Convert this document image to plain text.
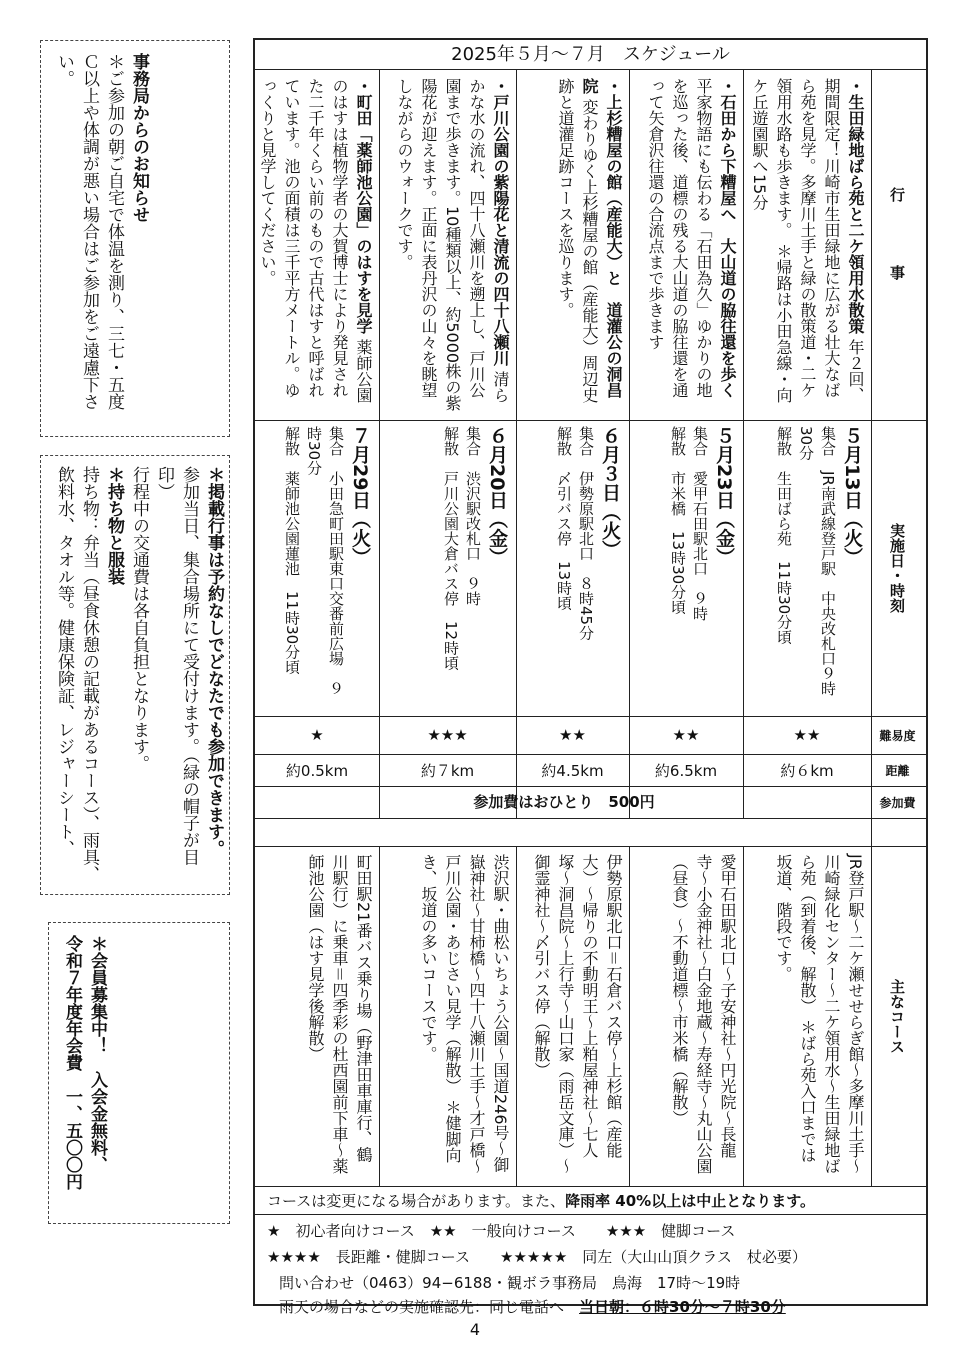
事務局からのお知らせ
＊ご参加の朝ご自宅で体温を測り、三七・五度Ｃ以上や体調が悪い場合はご参加をご遠慮下さい。
＊掲載行事は予約なしでどなたでも参加できます。
参加当日、集合場所にて受付けます。（緑の帽子が目印）
行程中の交通費は各自負担となります。
＊持ち物と服装
持ち物：弁当（昼食休憩の記載があるコース）、雨具、飲料水、タオル等。健康保険証、レジャーシート、
＊会員募集中！　入会金無料、
令和７年度年会費　一、五〇〇円
2025年５月〜７月　スケジュール
行　事
実施日・時刻
難易度
距離
参加費
主なコース
・生田緑地ばら苑と二ケ領用水散策 年２回、期間限定！川崎市生田緑地に広がる壮大なばら苑を見学。多摩川土手と緑の散策道・二ケ領用水路も歩きます。 ＊帰路は小田急線・向ケ丘遊園駅へ15分
５月13日（火）
集合　JR南武線登戸駅　中央改札口９時30分
解散　生田ばら苑　11時30分頃
★★
約６km
JR登戸駅〜二ケ瀬せせらぎ館〜多摩川土手〜川崎緑化センター〜二ケ領用水〜生田緑地ばら苑（到着後、解散） ＊ばら苑入口までは坂道、階段です。
・石田から下糟屋へ　大山道の脇往還を歩く 平家物語にも伝わる「石田為久」ゆかりの地を巡った後、道標の残る大山道の脇往還を通って矢倉沢往還の合流点まで歩きます
５月23日（金）
集合　愛甲石田駅北口　９時
解散　市米橋　13時30分頃
★★
約6.5km
愛甲石田駅北口〜子安神社〜円光院〜長龍寺〜小金神社〜白金地蔵〜寿経寺〜丸山公園（昼食）〜不動道標〜市米橋（解散）
・上杉糟屋の館（産能大）と　道灌公の洞昌院 変わりゆく上杉糟屋の館（産能大）周辺史跡と道灌足跡コースを巡ります。
６月３日（火）
集合　伊勢原駅北口　８時45分
解散　〆引バス停　13時頃
★★
約4.5km
伊勢原駅北口＝石倉バス停〜上杉館（産能大）〜帰りの不動明王〜上粕屋神社〜七人塚〜洞昌院〜上行寺〜山口家（雨岳文庫）〜御霊神社〜〆引バス停（解散）
・戸川公園の紫陽花と清流の四十八瀬川 清らかな水の流れ、四十八瀬川を遡上し、戸川公園まで歩きます。10種類以上、約5000株の紫陽花が迎えます。正面に表丹沢の山々を眺望しながらのウォークです。
６月20日（金）
集合　渋沢駅改札口　９時
解散　戸川公園大倉バス停　12時頃
★★★
約７km
渋沢駅・曲松いちょう公園〜国道246号〜御嶽神社〜甘柿橋〜四十八瀬川土手〜才戸橋〜戸川公園・あじさい見学（解散） ＊健脚向き、坂道の多いコースです。
・町田「薬師池公園」のはすを見学 薬師公園のはすは植物学者の大賀博士により発見された二千年くらい前のもので古代はすと呼ばれています。池の面積は三千平方メートル。ゆっくりと見学してください。
７月29日（火）
集合　小田急町田駅東口交番前広場　９時30分
解散　薬師池公園蓮池　11時30分頃
★
約0.5km
町田駅21番バス乗り場（野津田車庫行、鶴川駅行）に乗車＝四季彩の杜西園前下車〜薬師池公園（はす見学後解散）
参加費はおひとり　500円
コースは変更になる場合があります。また、降雨率 40%以上は中止となります。
★　初心者向けコース　★★　一般向けコース　　★★★　健脚コース
★★★★　長距離・健脚コース　　★★★★★　同左（大山山頂クラス　杖必要）
問い合わせ（0463）94−6188・観ボラ事務局　鳥海　17時〜19時
雨天の場合などの実施確認先：同じ電話へ　 当日朝：６時30分〜７時30分
4
